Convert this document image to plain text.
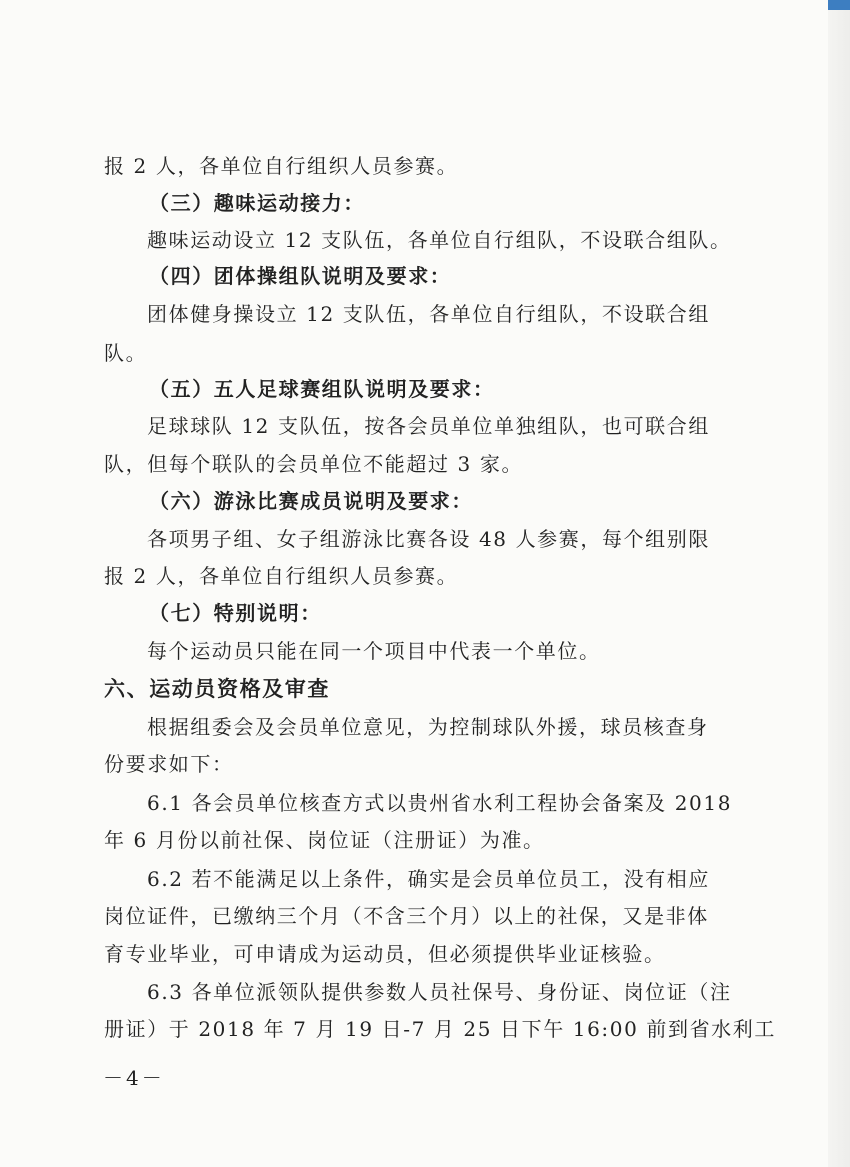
报 2 人，各单位自行组织人员参赛。
（三）趣味运动接力：
趣味运动设立 12 支队伍，各单位自行组队，不设联合组队。
（四）团体操组队说明及要求：
团体健身操设立 12 支队伍，各单位自行组队，不设联合组
队。
（五）五人足球赛组队说明及要求：
足球球队 12 支队伍，按各会员单位单独组队，也可联合组
队，但每个联队的会员单位不能超过 3 家。
（六）游泳比赛成员说明及要求：
各项男子组、女子组游泳比赛各设 48 人参赛，每个组别限
报 2 人，各单位自行组织人员参赛。
（七）特别说明：
每个运动员只能在同一个项目中代表一个单位。
六、运动员资格及审查
根据组委会及会员单位意见，为控制球队外援，球员核查身
份要求如下：
6.1 各会员单位核查方式以贵州省水利工程协会备案及 2018
年 6 月份以前社保、岗位证（注册证）为准。
6.2 若不能满足以上条件，确实是会员单位员工，没有相应
岗位证件，已缴纳三个月（不含三个月）以上的社保，又是非体
育专业毕业，可申请成为运动员，但必须提供毕业证核验。
6.3 各单位派领队提供参数人员社保号、身份证、岗位证（注
册证）于 2018 年 7 月 19 日-7 月 25 日下午 16:00 前到省水利工
－4－
